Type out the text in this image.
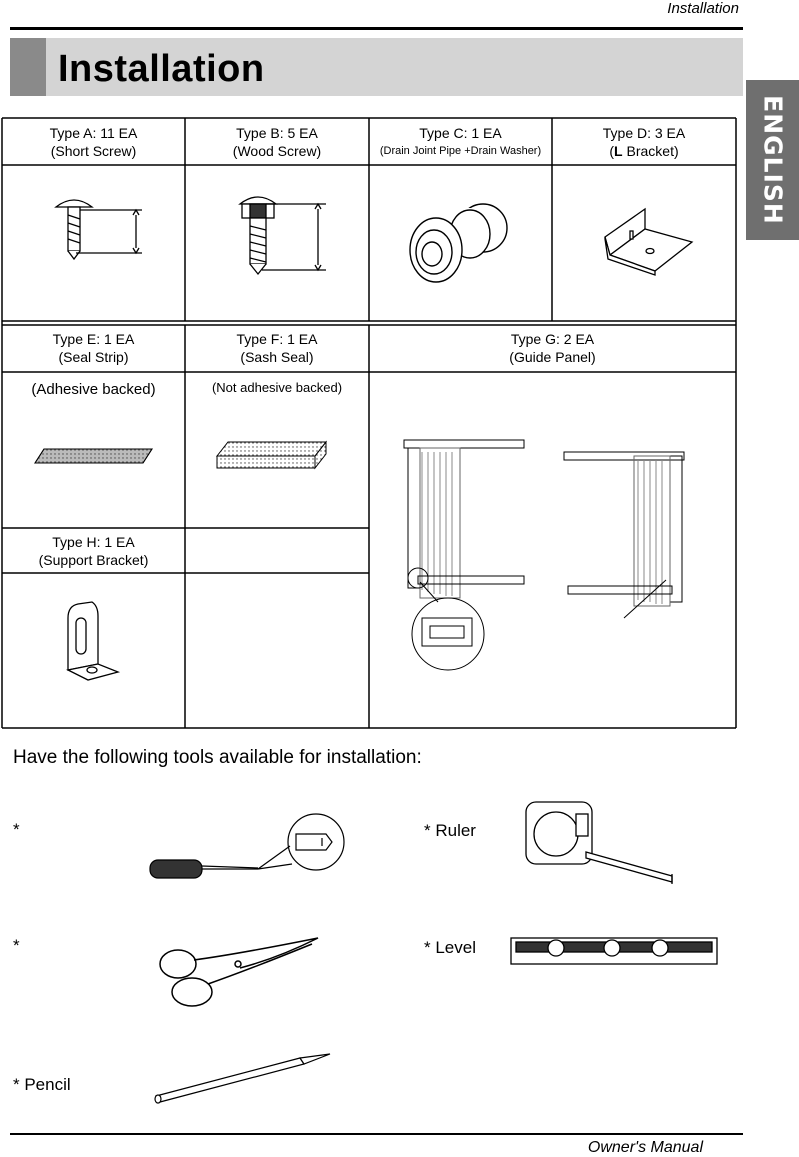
Installation
Installation
ENGLISH
Type A: 11 EA
(Short Screw)
Type B: 5 EA
(Wood Screw)
Type C: 1 EA
(Drain Joint Pipe +Drain Washer)
Type D: 3 EA
(L Bracket)
Type E: 1 EA
(Seal Strip)
Type F: 1 EA
(Sash Seal)
Type G: 2 EA
(Guide Panel)
(Adhesive backed)	(Not adhesive backed)
Type H: 1 EA
(Support Bracket)
Have the following tools available for installation:
*	* Ruler
*	* Level
* Pencil
Owner's Manual
